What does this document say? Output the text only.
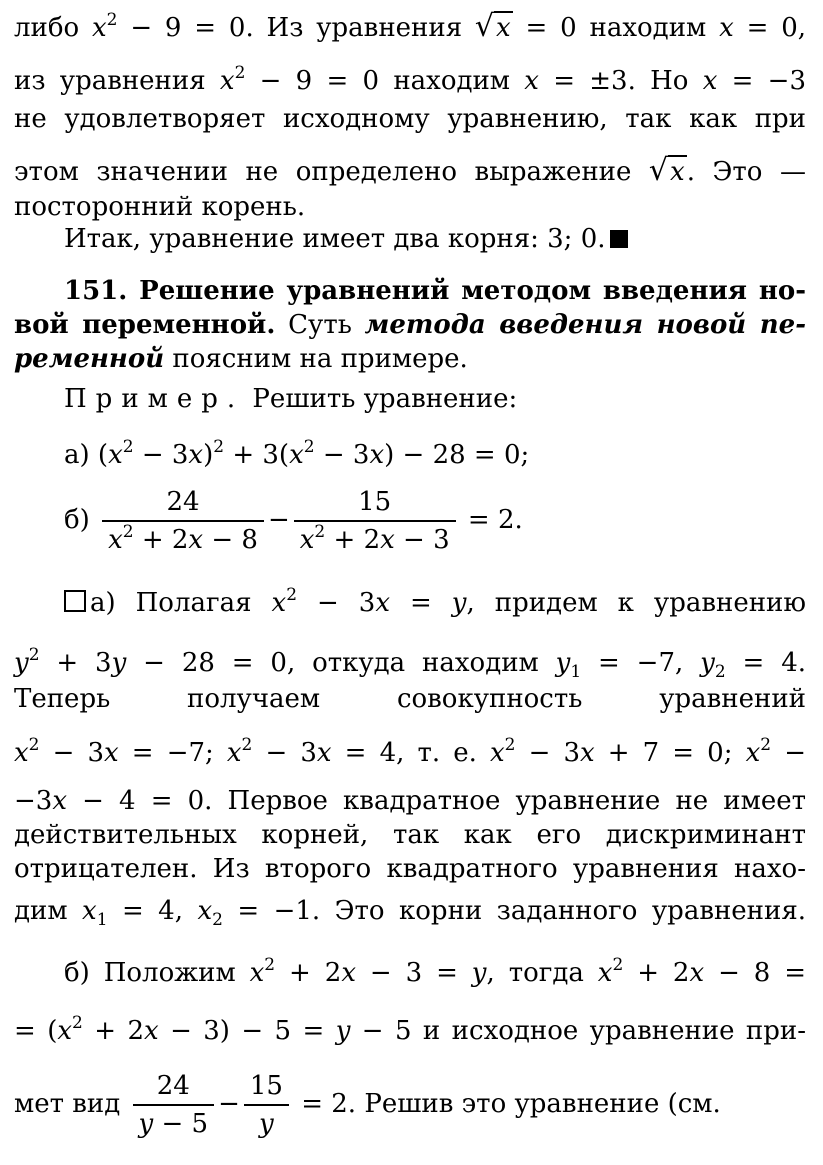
либо $x^2 - 9 = 0$. Из уравнения √x = 0 находим x = 0,
из уравнения $x^2 - 9 = 0$ находим x = ±3. Но x = −3
не удовлетворяет исходному уравнению, так как при
этом значении не определено выражение √x. Это —
посторонний корень.
Итак, уравнение имеет два корня: 3; 0.
151. Решение уравнений методом введения но-
вой переменной. Суть метода введения новой пе-
ременной поясним на примере.
Пример. Решить уравнение:
а) $(x^2 - 3x)^2 + 3(x^2 - 3x) - 28 = 0$;
$б) \frac{24}{x^2 + 2x - 8} - \frac{15}{x^2 + 2x - 3} = 2$.
а) Полагая $x^2 - 3x = y$, придем к уравнению
$y^2 + 3y - 28 = 0$, откуда находим $y_1 = -7$, $y_2 = 4$.
Теперь получаем совокупность уравнений
$x^2 - 3x = -7$; $x^2 - 3x = 4$, т. е. $x^2 - 3x + 7 = 0$; $x^2$ −
−3x − 4 = 0. Первое квадратное уравнение не имеет
действительных корней, так как его дискриминант
отрицателен. Из второго квадратного уравнения нахо-
дим $x_1 = 4$, $x_2 = -1$. Это корни заданного уравнения.
б) Положим $x^2 + 2x - 3 = y$, тогда $x^2 + 2x - 8$ =
= $(x^2 + 2x - 3) - 5 = y - 5$ и исходное уравнение при-
мет вид $\frac{24}{y - 5} - \frac{15}{y} = 2$. Решив это уравнение (см.
